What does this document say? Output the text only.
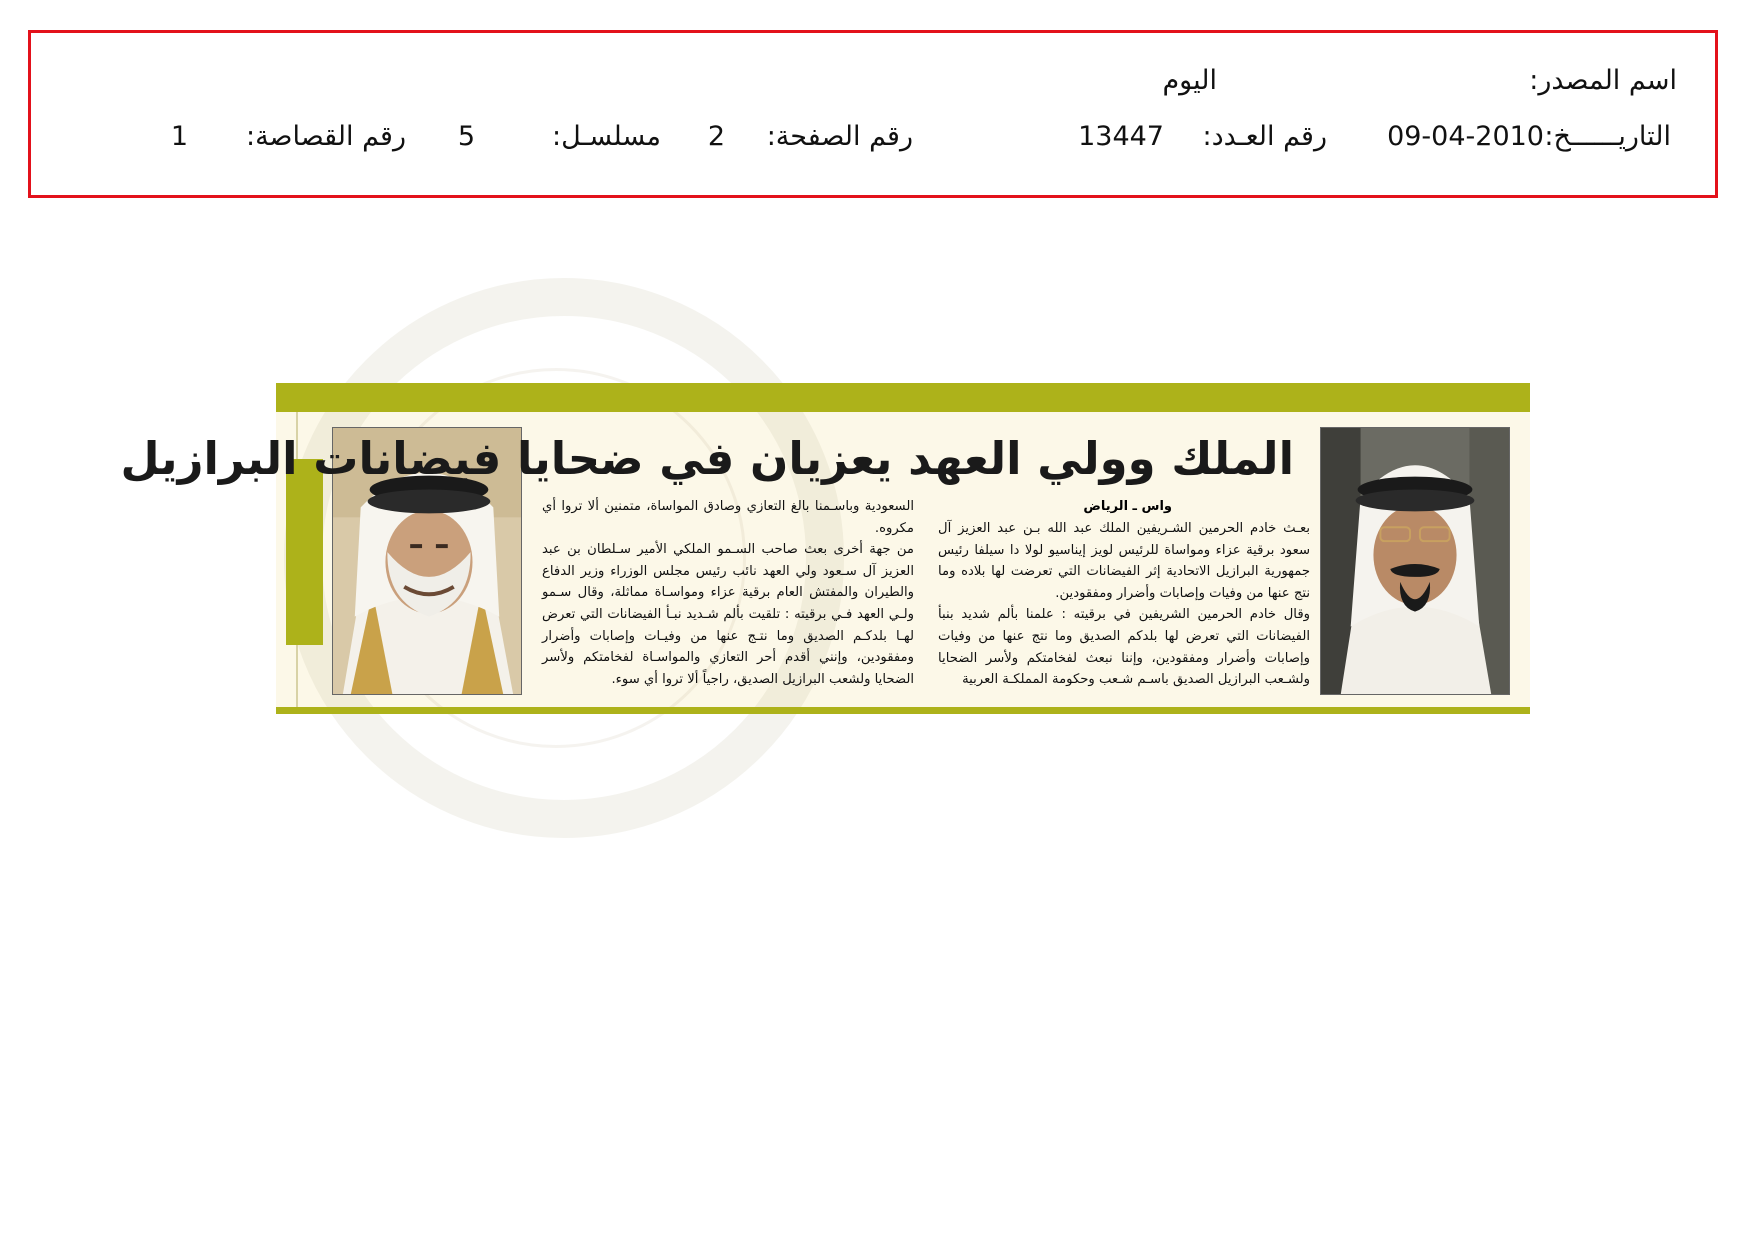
اسم المصدر:
اليوم
التاريــــــخ:
09-04-2010
رقم العـدد:
13447
رقم الصفحة:
2
مسلسـل:
5
رقم القصاصة:
1
الملك وولي العهد يعزيان في ضحايا فيضانات البرازيل
واس ـ الرياض

بعـث خادم الحرمين الشـريفين الملك عبد الله بـن عبد العزيز آل سعود برقية عزاء ومواساة للرئيس لويز إيناسيو لولا دا سيلفا رئيس جمهورية البرازيل الاتحادية إثر الفيضانات التي تعرضت لها بلاده وما نتج عنها من وفيات وإصابات وأضرار ومفقودين.

وقال خادم الحرمين الشريفين في برقيته : علمنا بألم شديد بنبأ الفيضانات التي تعرض لها بلدكم الصديق وما نتج عنها من وفيات وإصابات وأضرار ومفقودين، وإننا نبعث لفخامتكم ولأسر الضحايا ولشـعب البرازيل الصديق باسـم شـعب وحكومة المملكـة العربية

السعودية وباسـمنا بالغ التعازي وصادق المواساة، متمنين ألا تروا أي مكروه.

من جهة أخرى بعث صاحب السـمو الملكي الأمير سـلطان بن عبد العزيز آل سـعود ولي العهد نائب رئيس مجلس الوزراء وزير الدفاع والطيران والمفتش العام برقية عزاء ومواسـاة مماثلة، وقال سـمو ولـي العهد فـي برقيته : تلقيت بألم شـديد نبـأ الفيضانات التي تعرض لهـا بلدكـم الصديق وما نتـج عنها من وفيـات وإصابات وأضرار ومفقودين، وإنني أقدم أحر التعازي والمواسـاة لفخامتكم ولأسر الضحايا ولشعب البرازيل الصديق، راجياً ألا تروا أي سوء.
